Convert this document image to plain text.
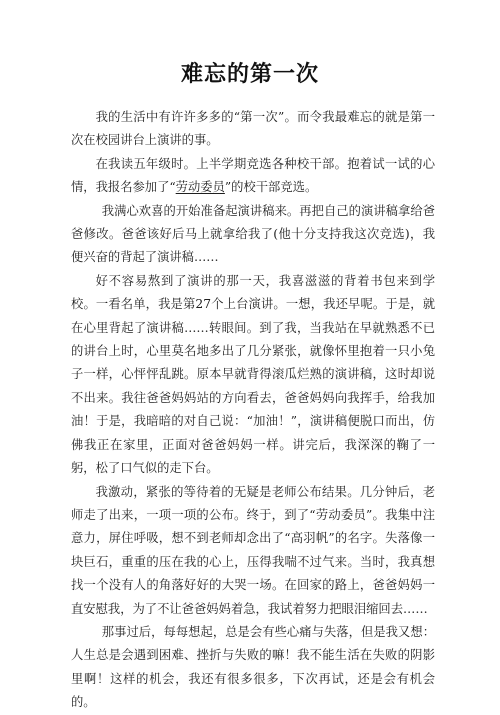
难忘的第一次

我的生活中有许许多多的“第一次”。而令我最难忘的就是第一次在校园讲台上演讲的事。

在我读五年级时。上半学期竞选各种校干部。抱着试一试的心情，我报名参加了“劳动委员”的校干部竞选。

我满心欢喜的开始准备起演讲稿来。再把自己的演讲稿拿给爸爸修改。爸爸该好后马上就拿给我了(他十分支持我这次竞选)，我便兴奋的背起了演讲稿……

好不容易熬到了演讲的那一天，我喜滋滋的背着书包来到学校。一看名单，我是第27个上台演讲。一想，我还早呢。于是，就在心里背起了演讲稿……转眼间。到了我，当我站在早就熟悉不已的讲台上时，心里莫名地多出了几分紧张，就像怀里抱着一只小兔子一样，心怦怦乱跳。原本早就背得滚瓜烂熟的演讲稿，这时却说不出来。我往爸爸妈妈站的方向看去，爸爸妈妈向我挥手，给我加油！于是，我暗暗的对自己说：“加油！”，演讲稿便脱口而出，仿佛我正在家里，正面对爸爸妈妈一样。讲完后，我深深的鞠了一躬，松了口气似的走下台。

我激动，紧张的等待着的无疑是老师公布结果。几分钟后，老师走了出来，一项一项的公布。终于，到了“劳动委员”。我集中注意力，屏住呼吸，想不到老师却念出了“高羽帆”的名字。失落像一块巨石，重重的压在我的心上，压得我喘不过气来。当时，我真想找一个没有人的角落好好的大哭一场。在回家的路上，爸爸妈妈一直安慰我，为了不让爸爸妈妈着急，我试着努力把眼泪缩回去……

那事过后，每每想起，总是会有些心痛与失落，但是我又想：人生总是会遇到困难、挫折与失败的嘛！我不能生活在失败的阴影里啊！这样的机会，我还有很多很多，下次再试，还是会有机会的。
